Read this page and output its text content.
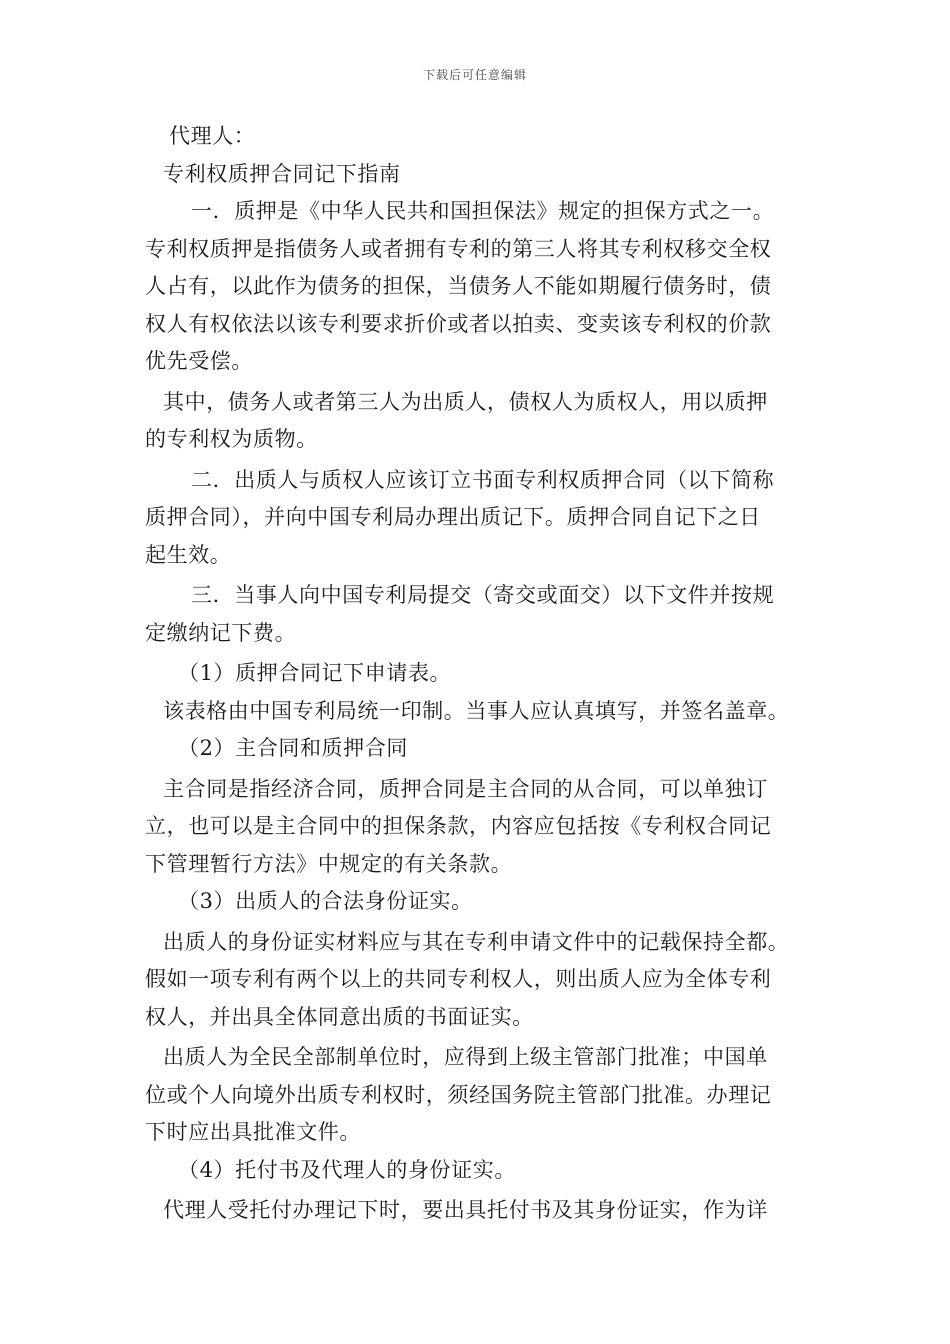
下载后可任意编辑
代理人：
专利权质押合同记下指南
一．质押是《中华人民共和国担保法》规定的担保方式之一。
专利权质押是指债务人或者拥有专利的第三人将其专利权移交全权
人占有，以此作为债务的担保，当债务人不能如期履行债务时，债
权人有权依法以该专利要求折价或者以拍卖、变卖该专利权的价款
优先受偿。
其中，债务人或者第三人为出质人，债权人为质权人，用以质押
的专利权为质物。
二．出质人与质权人应该订立书面专利权质押合同（以下简称
质押合同），并向中国专利局办理出质记下。质押合同自记下之日
起生效。
三．当事人向中国专利局提交（寄交或面交）以下文件并按规
定缴纳记下费。
（1）质押合同记下申请表。
该表格由中国专利局统一印制。当事人应认真填写，并签名盖章。
（2）主合同和质押合同
主合同是指经济合同，质押合同是主合同的从合同，可以单独订
立，也可以是主合同中的担保条款，内容应包括按《专利权合同记
下管理暂行方法》中规定的有关条款。
（3）出质人的合法身份证实。
出质人的身份证实材料应与其在专利申请文件中的记载保持全都。
假如一项专利有两个以上的共同专利权人，则出质人应为全体专利
权人，并出具全体同意出质的书面证实。
出质人为全民全部制单位时，应得到上级主管部门批准；中国单
位或个人向境外出质专利权时，须经国务院主管部门批准。办理记
下时应出具批准文件。
（4）托付书及代理人的身份证实。
代理人受托付办理记下时，要出具托付书及其身份证实，作为详
